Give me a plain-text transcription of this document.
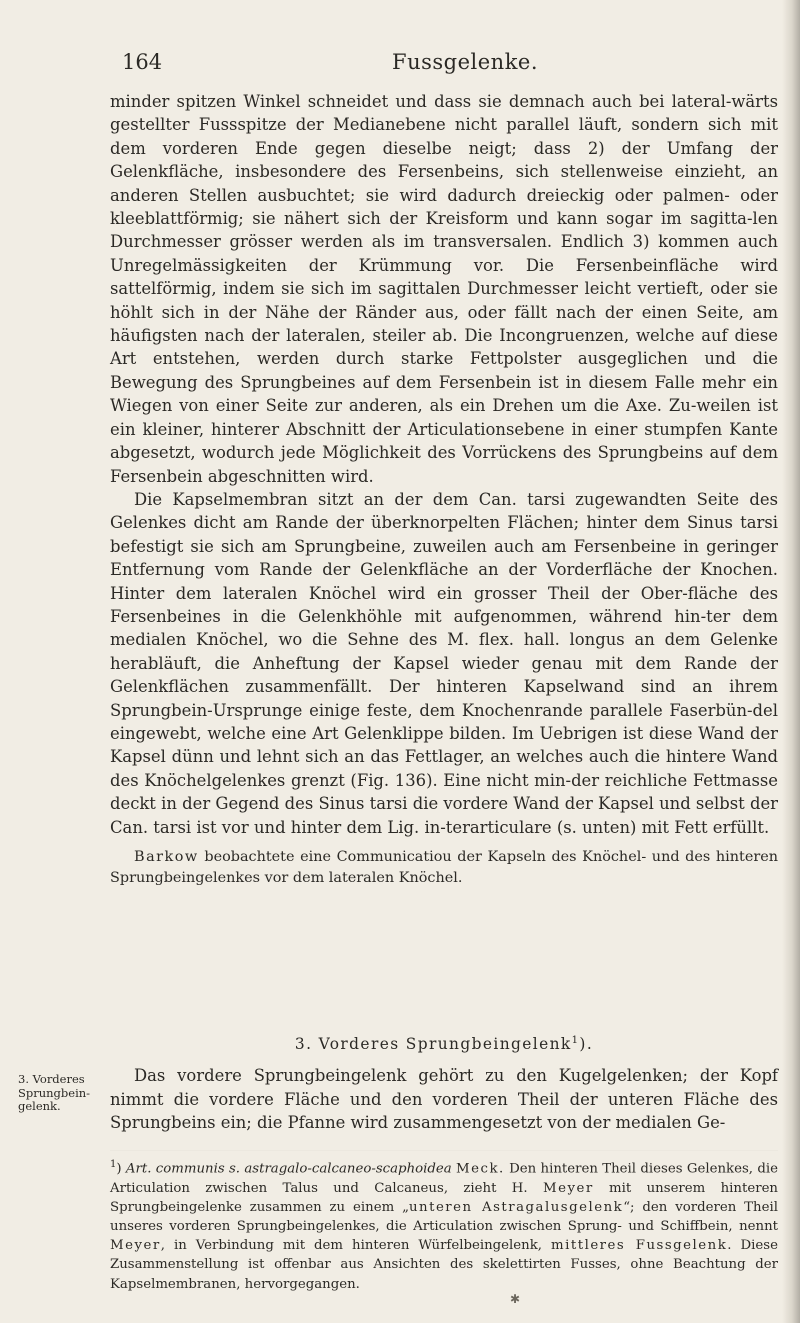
164	Fussgelenke.

minder spitzen Winkel schneidet und dass sie demnach auch bei lateral-wärts gestellter Fussspitze der Medianebene nicht parallel läuft, sondern sich mit dem vorderen Ende gegen dieselbe neigt; dass 2) der Umfang der Gelenkfläche, insbesondere des Fersenbeins, sich stellenweise einzieht, an anderen Stellen ausbuchtet; sie wird dadurch dreieckig oder palmen- oder kleeblattförmig; sie nähert sich der Kreisform und kann sogar im sagitta-len Durchmesser grösser werden als im transversalen. Endlich 3) kommen auch Unregelmässigkeiten der Krümmung vor. Die Fersenbeinfläche wird sattelförmig, indem sie sich im sagittalen Durchmesser leicht vertieft, oder sie höhlt sich in der Nähe der Ränder aus, oder fällt nach der einen Seite, am häufigsten nach der lateralen, steiler ab. Die Incongruenzen, welche auf diese Art entstehen, werden durch starke Fettpolster ausgeglichen und die Bewegung des Sprungbeines auf dem Fersenbein ist in diesem Falle mehr ein Wiegen von einer Seite zur anderen, als ein Drehen um die Axe. Zu-weilen ist ein kleiner, hinterer Abschnitt der Articulationsebene in einer stumpfen Kante abgesetzt, wodurch jede Möglichkeit des Vorrückens des Sprungbeins auf dem Fersenbein abgeschnitten wird.

Die Kapselmembran sitzt an der dem Can. tarsi zugewandten Seite des Gelenkes dicht am Rande der überknorpelten Flächen; hinter dem Sinus tarsi befestigt sie sich am Sprungbeine, zuweilen auch am Fersenbeine in geringer Entfernung vom Rande der Gelenkfläche an der Vorderfläche der Knochen. Hinter dem lateralen Knöchel wird ein grosser Theil der Ober-fläche des Fersenbeines in die Gelenkhöhle mit aufgenommen, während hin-ter dem medialen Knöchel, wo die Sehne des M. flex. hall. longus an dem Gelenke herabläuft, die Anheftung der Kapsel wieder genau mit dem Rande der Gelenkflächen zusammenfällt. Der hinteren Kapselwand sind an ihrem Sprungbein-Ursprunge einige feste, dem Knochenrande parallele Faserbün-del eingewebt, welche eine Art Gelenklippe bilden. Im Uebrigen ist diese Wand der Kapsel dünn und lehnt sich an das Fettlager, an welches auch die hintere Wand des Knöchelgelenkes grenzt (Fig. 136). Eine nicht min-der reichliche Fettmasse deckt in der Gegend des Sinus tarsi die vordere Wand der Kapsel und selbst der Can. tarsi ist vor und hinter dem Lig. in-terarticulare (s. unten) mit Fett erfüllt.

Barkow beobachtete eine Communicatiou der Kapseln des Knöchel- und des hinteren Sprungbeingelenkes vor dem lateralen Knöchel.

3. Vorderes Sprungbeingelenk$^1$).
3. Vorderes
Sprungbein-
gelenk.

Das vordere Sprungbeingelenk gehört zu den Kugelgelenken; der Kopf nimmt die vordere Fläche und den vorderen Theil der unteren Fläche des Sprungbeins ein; die Pfanne wird zusammengesetzt von der medialen Ge-

$^1$) Art. communis s. astragalo-calcaneo-scaphoidea Meck. Den hinteren Theil dieses Gelenkes, die Articulation zwischen Talus und Calcaneus, zieht H. Meyer mit unserem hinteren Sprungbeingelenke zusammen zu einem „unteren Astragalusgelenk“; den vorderen Theil unseres vorderen Sprungbeingelenkes, die Articulation zwischen Sprung- und Schiffbein, nennt Meyer, in Verbindung mit dem hinteren Würfelbeingelenk, mittleres Fussgelenk. Diese Zusammenstellung ist offenbar aus Ansichten des skelettirten Fusses, ohne Beachtung der Kapselmembranen, hervorgegangen.
✱
